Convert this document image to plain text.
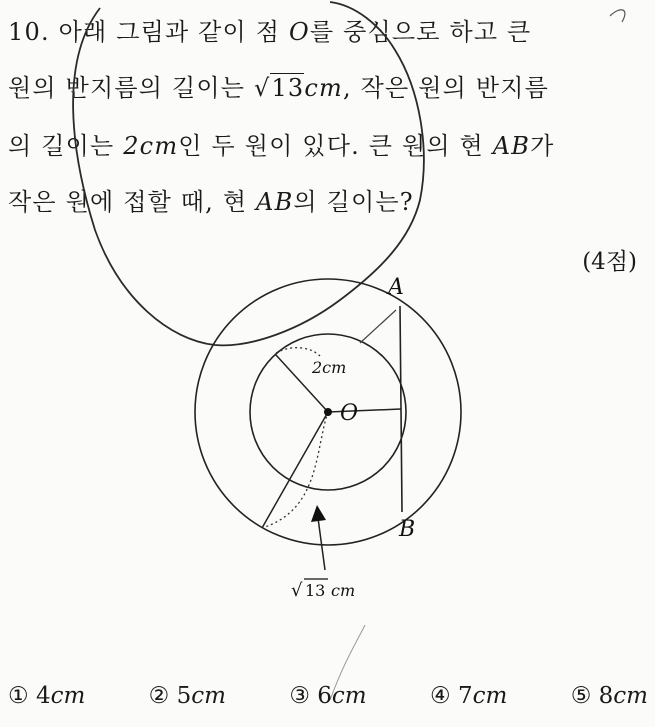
10. 아래 그림과 같이 점 O를 중심으로 하고 큰
원의 반지름의 길이는 √13cm, 작은 원의 반지름
의 길이는 2cm인 두 원이 있다. 큰 원의 현 AB가
작은 원에 접할 때, 현 AB의 길이는?
(4점)
A
B
O
2cm
√ 13 cm
① 4cm	② 5cm	③ 6cm	④ 7cm	⑤ 8cm
